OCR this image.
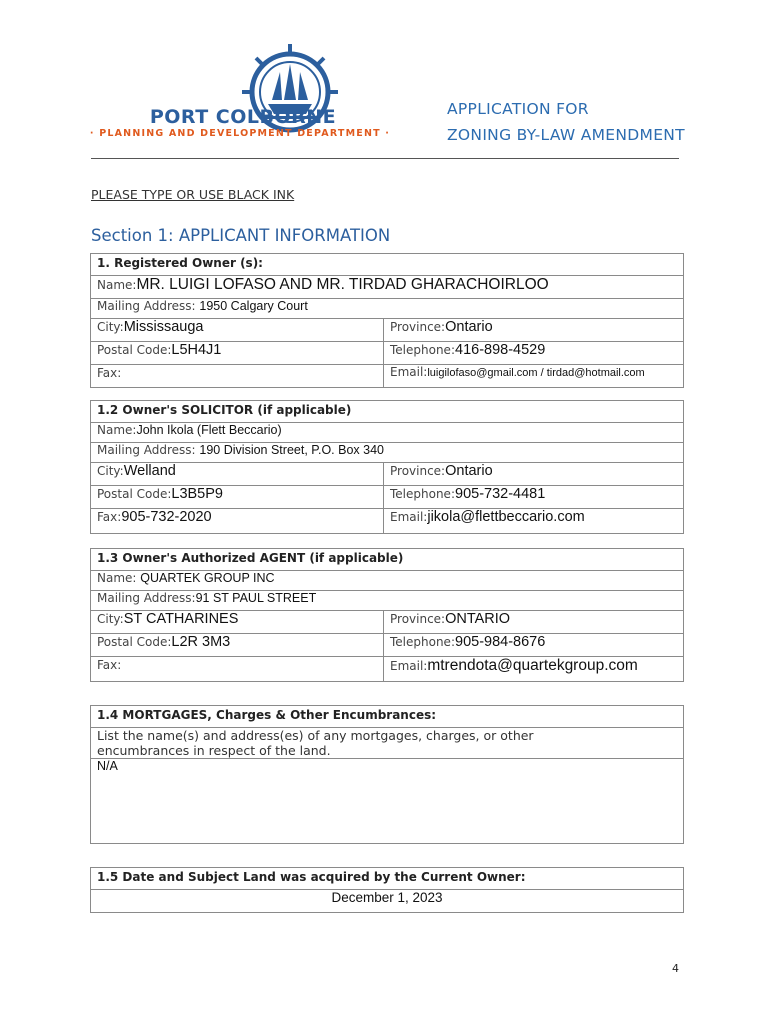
PORT COLBORNE
· PLANNING AND DEVELOPMENT DEPARTMENT ·
APPLICATION FOR
ZONING BY-LAW AMENDMENT
PLEASE TYPE OR USE BLACK INK
Section 1: APPLICANT INFORMATION
1. Registered Owner (s):	
Name:MR. LUIGI LOFASO AND MR. TIRDAD GHARACHOIRLOO	
Mailing Address: 1950 Calgary Court	
City:Mississauga	Province:Ontario
Postal Code:L5H4J1	Telephone:416-898-4529
Fax:	Email:luigilofaso@gmail.com / tirdad@hotmail.com
1.2 Owner's SOLICITOR (if applicable)	
Name:John Ikola (Flett Beccario)	
Mailing Address: 190 Division Street, P.O. Box 340	
City:Welland	Province:Ontario
Postal Code:L3B5P9	Telephone:905-732-4481
Fax:905-732-2020	Email:jikola@flettbeccario.com
1.3 Owner's Authorized AGENT (if applicable)	
Name: QUARTEK GROUP INC	
Mailing Address:91 ST PAUL STREET	
City:ST CATHARINES	Province:ONTARIO
Postal Code:L2R 3M3	Telephone:905-984-8676
Fax:	Email:mtrendota@quartekgroup.com
1.4 MORTGAGES, Charges & Other Encumbrances:
List the name(s) and address(es) of any mortgages, charges, or other encumbrances in respect of the land.
N/A
1.5 Date and Subject Land was acquired by the Current Owner:
December 1, 2023
4
